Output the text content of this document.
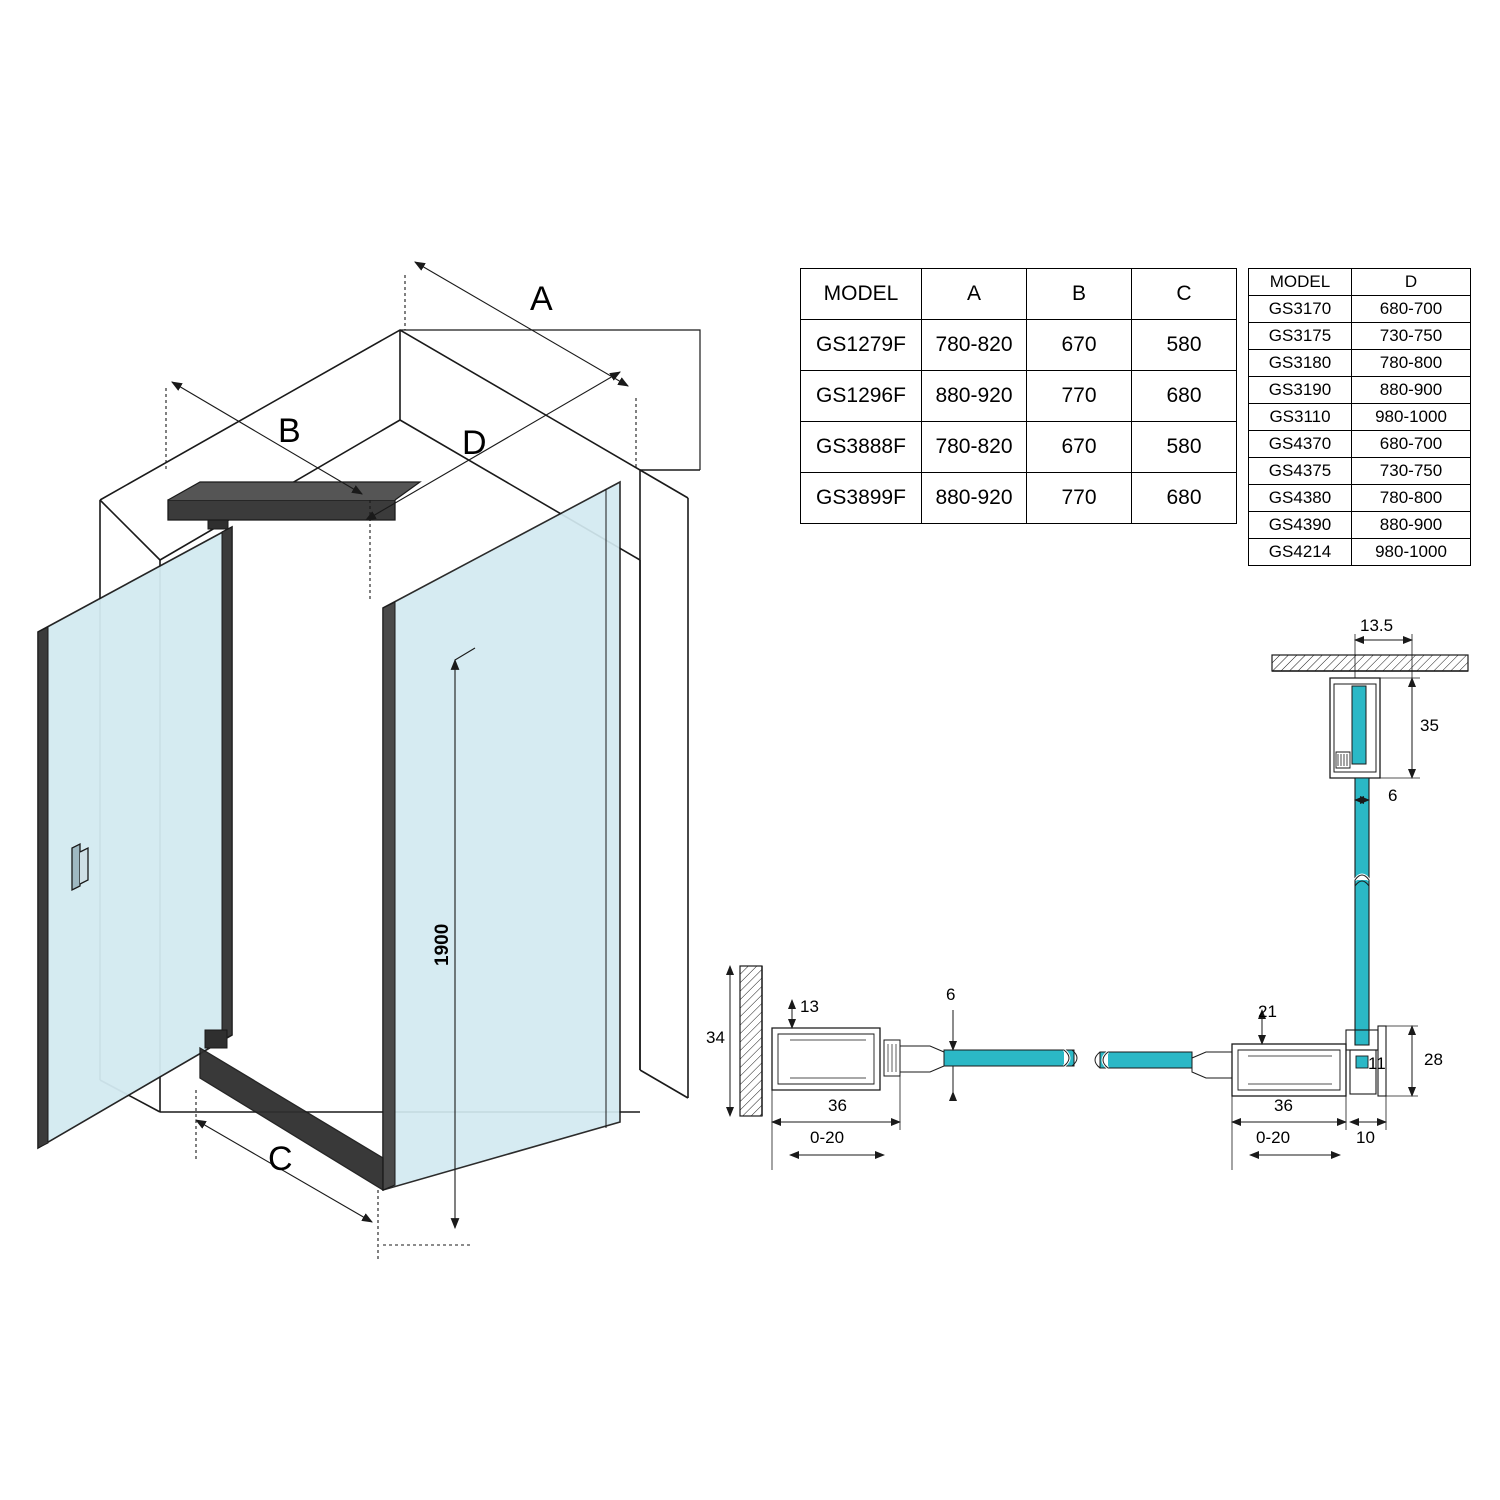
A
B	D
C
1900
13.5
35
6
34
13
6
36
0-20
21
28
11
36
10
0-20
MODEL	A	B	C
GS1279F	780-820	670	580
GS1296F	880-920	770	680
GS3888F	780-820	670	580
GS3899F	880-920	770	680
MODEL	D
GS3170	680-700
GS3175	730-750
GS3180	780-800
GS3190	880-900
GS3110	980-1000
GS4370	680-700
GS4375	730-750
GS4380	780-800
GS4390	880-900
GS4214	980-1000
